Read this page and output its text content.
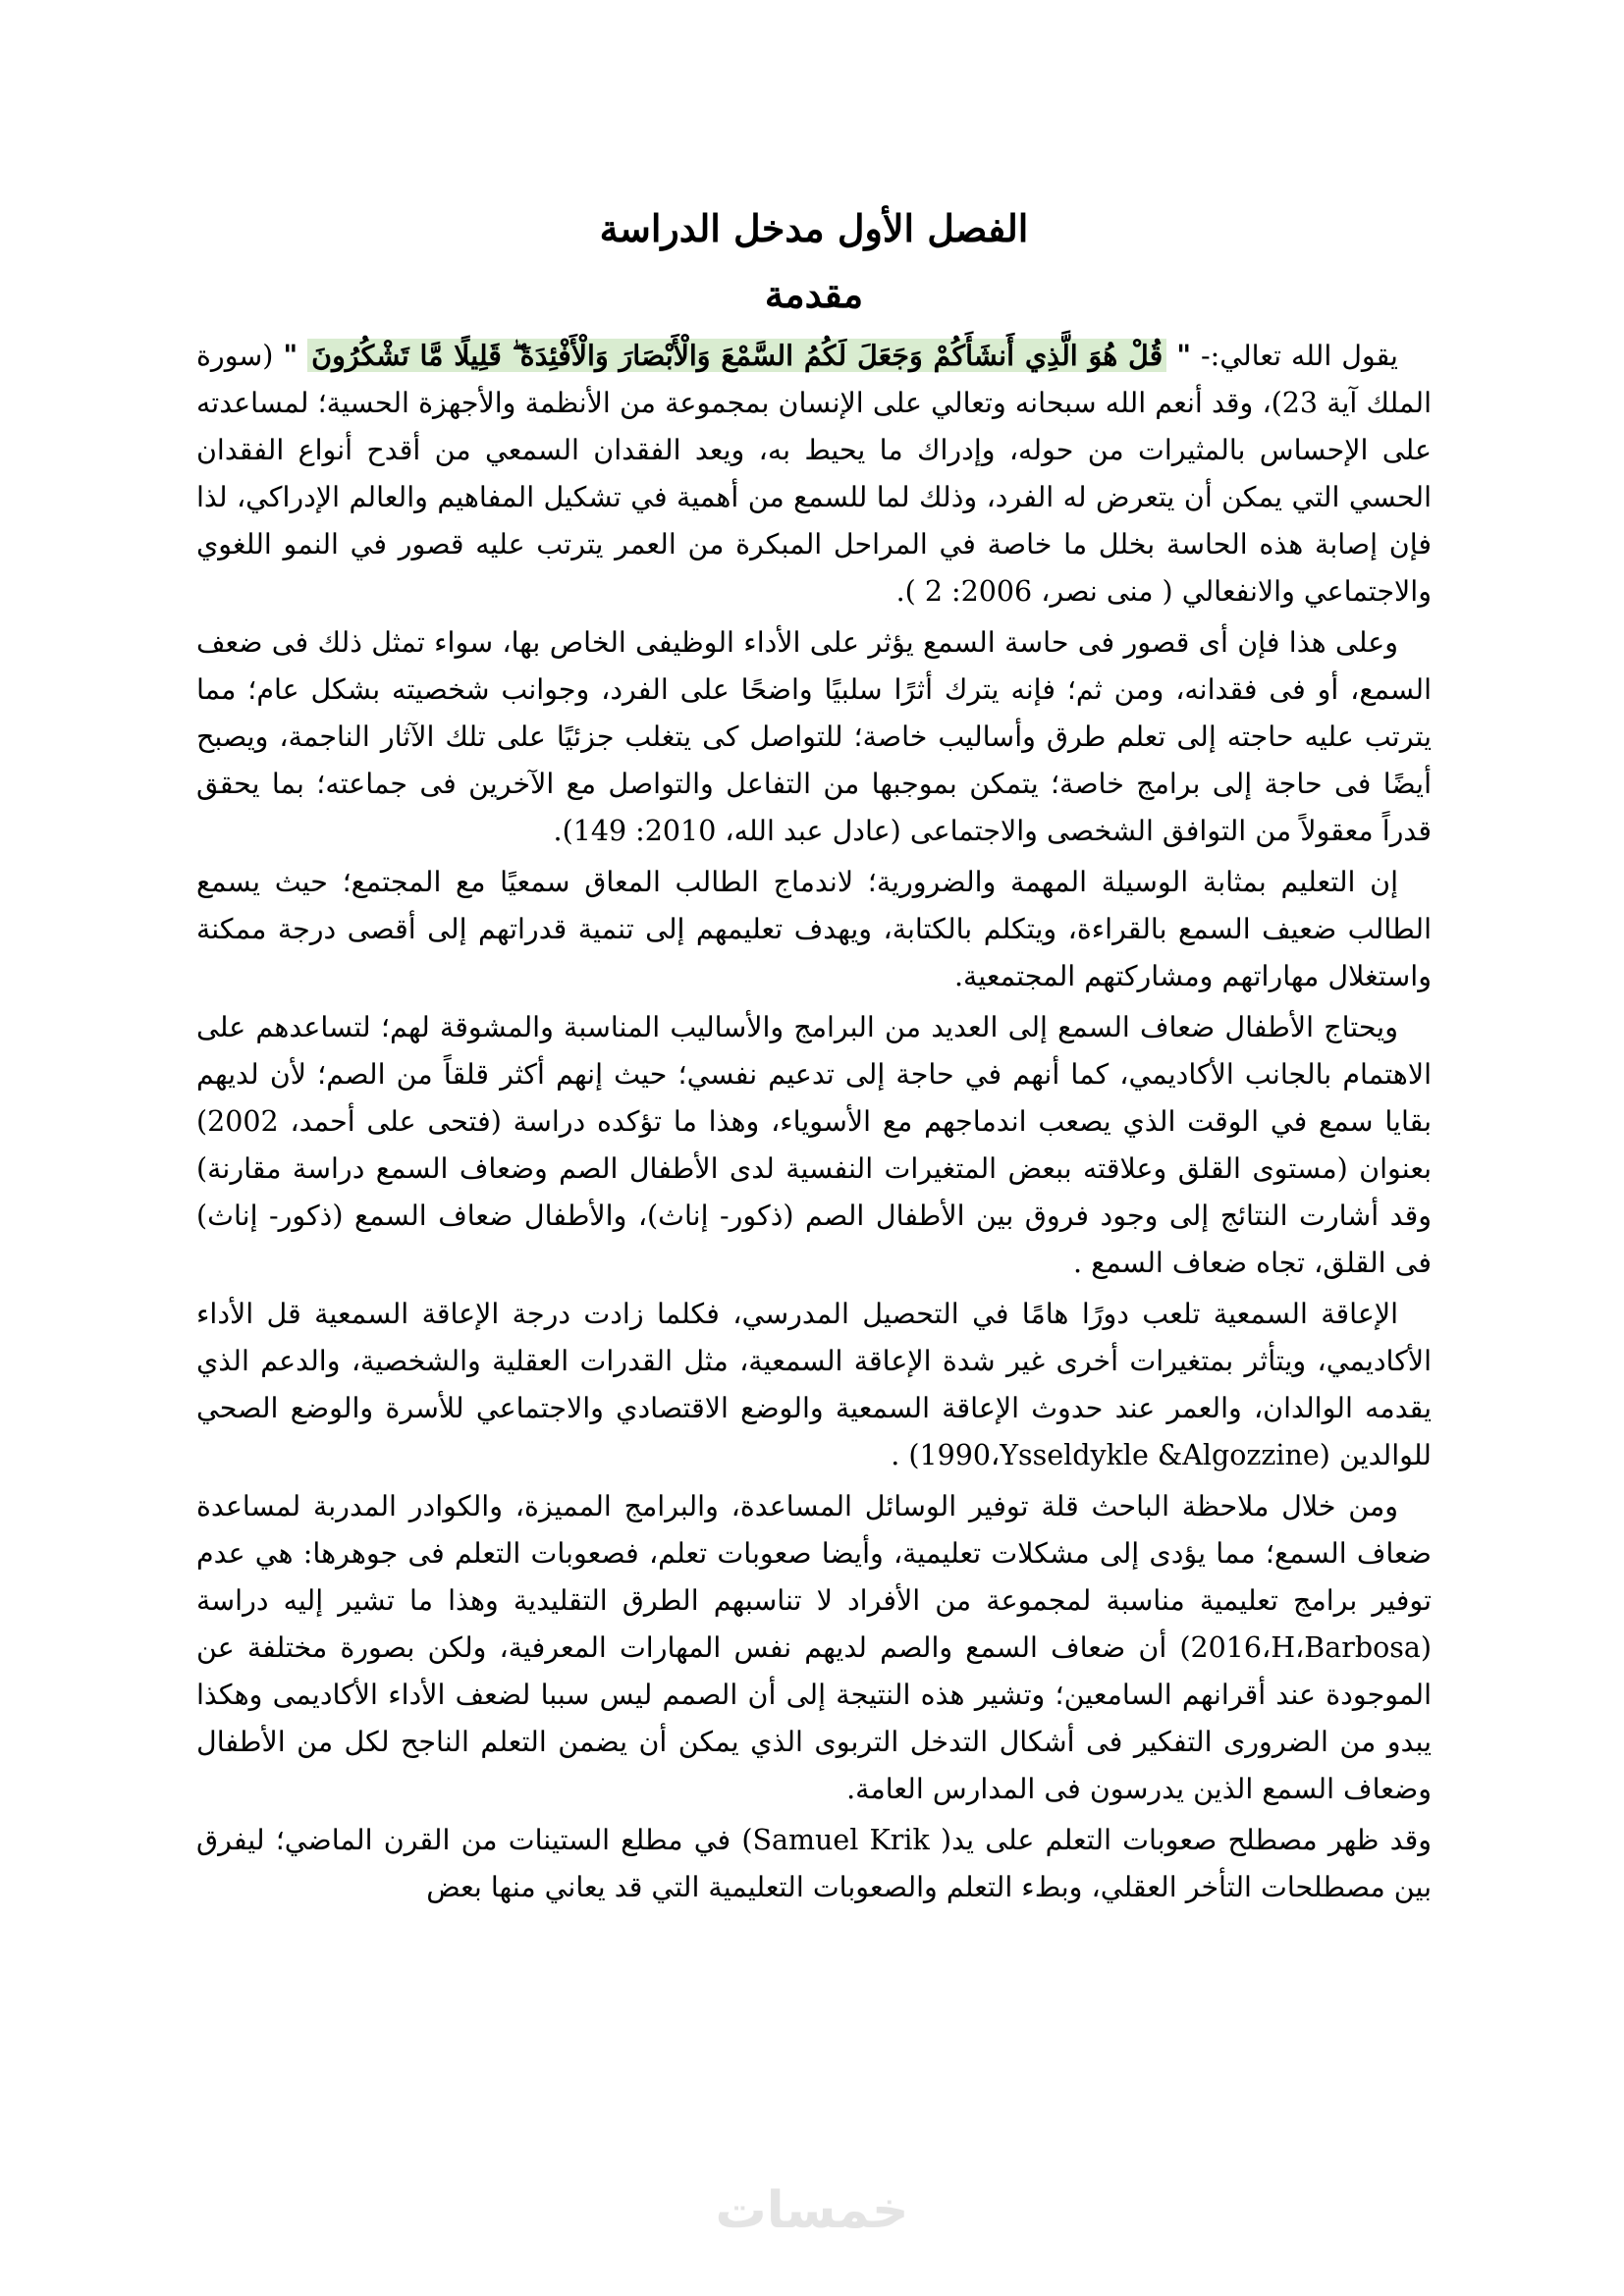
الفصل الأول مدخل الدراسة
مقدمة

يقول الله تعالي:- " قُلْ هُوَ الَّذِي أَنشَأَكُمْ وَجَعَلَ لَكُمُ السَّمْعَ وَالْأَبْصَارَ وَالْأَفْئِدَةَ ۖ قَلِيلًا مَّا تَشْكُرُونَ " (سورة الملك آية 23)، وقد أنعم الله سبحانه وتعالي على الإنسان بمجموعة من الأنظمة والأجهزة الحسية؛ لمساعدته على الإحساس بالمثيرات من حوله، وإدراك ما يحيط به، ويعد الفقدان السمعي من أقدح أنواع الفقدان الحسي التي يمكن أن يتعرض له الفرد، وذلك لما للسمع من أهمية في تشكيل المفاهيم والعالم الإدراكي، لذا فإن إصابة هذه الحاسة بخلل ما خاصة في المراحل المبكرة من العمر يترتب عليه قصور في النمو اللغوي والاجتماعي والانفعالي ( منى نصر، 2006: 2 ).

وعلى هذا فإن أى قصور فى حاسة السمع يؤثر على الأداء الوظيفى الخاص بها، سواء تمثل ذلك فى ضعف السمع، أو فى فقدانه، ومن ثم؛ فإنه يترك أثرًا سلبيًا واضحًا على الفرد، وجوانب شخصيته بشكل عام؛ مما يترتب عليه حاجته إلى تعلم طرق وأساليب خاصة؛ للتواصل كى يتغلب جزئيًا على تلك الآثار الناجمة، ويصبح أيضًا فى حاجة إلى برامج خاصة؛ يتمكن بموجبها من التفاعل والتواصل مع الآخرين فى جماعته؛ بما يحقق قدراً معقولاً من التوافق الشخصى والاجتماعى (عادل عبد الله، 2010: 149).

إن التعليم بمثابة الوسيلة المهمة والضرورية؛ لاندماج الطالب المعاق سمعيًا مع المجتمع؛ حيث يسمع الطالب ضعيف السمع بالقراءة، ويتكلم بالكتابة، ويهدف تعليمهم إلى تنمية قدراتهم إلى أقصى درجة ممكنة واستغلال مهاراتهم ومشاركتهم المجتمعية.

ويحتاج الأطفال ضعاف السمع إلى العديد من البرامج والأساليب المناسبة والمشوقة لهم؛ لتساعدهم على الاهتمام بالجانب الأكاديمي، كما أنهم في حاجة إلى تدعيم نفسي؛ حيث إنهم أكثر قلقاً من الصم؛ لأن لديهم بقايا سمع في الوقت الذي يصعب اندماجهم مع الأسوياء، وهذا ما تؤكده دراسة (فتحى على أحمد، 2002) بعنوان (مستوى القلق وعلاقته ببعض المتغيرات النفسية لدى الأطفال الصم وضعاف السمع دراسة مقارنة) وقد أشارت النتائج إلى وجود فروق بين الأطفال الصم (ذكور- إناث)، والأطفال ضعاف السمع (ذكور- إناث) فى القلق، تجاه ضعاف السمع .

الإعاقة السمعية تلعب دورًا هامًا في التحصيل المدرسي، فكلما زادت درجة الإعاقة السمعية قل الأداء الأكاديمي، ويتأثر بمتغيرات أخرى غير شدة الإعاقة السمعية، مثل القدرات العقلية والشخصية، والدعم الذي يقدمه الوالدان، والعمر عند حدوث الإعاقة السمعية والوضع الاقتصادي والاجتماعي للأسرة والوضع الصحي للوالدين (1990،Ysseldykle &Algozzine) .

ومن خلال ملاحظة الباحث قلة توفير الوسائل المساعدة، والبرامج المميزة، والكوادر المدربة لمساعدة ضعاف السمع؛ مما يؤدى إلى مشكلات تعليمية، وأيضا صعوبات تعلم، فصعوبات التعلم فى جوهرها: هي عدم توفير برامج تعليمية مناسبة لمجموعة من الأفراد لا تناسبهم الطرق التقليدية وهذا ما تشير إليه دراسة (2016،H،Barbosa) أن ضعاف السمع والصم لديهم نفس المهارات المعرفية، ولكن بصورة مختلفة عن الموجودة عند أقرانهم السامعين؛ وتشير هذه النتيجة إلى أن الصمم ليس سببا لضعف الأداء الأكاديمى وهكذا يبدو من الضرورى التفكير فى أشكال التدخل التربوى الذي يمكن أن يضمن التعلم الناجح لكل من الأطفال وضعاف السمع الذين يدرسون فى المدارس العامة.

وقد ظهر مصطلح صعوبات التعلم على يد( Samuel Krik) في مطلع الستينات من القرن الماضي؛ ليفرق بين مصطلحات التأخر العقلي، وبطء التعلم والصعوبات التعليمية التي قد يعاني منها بعض

خمسات
